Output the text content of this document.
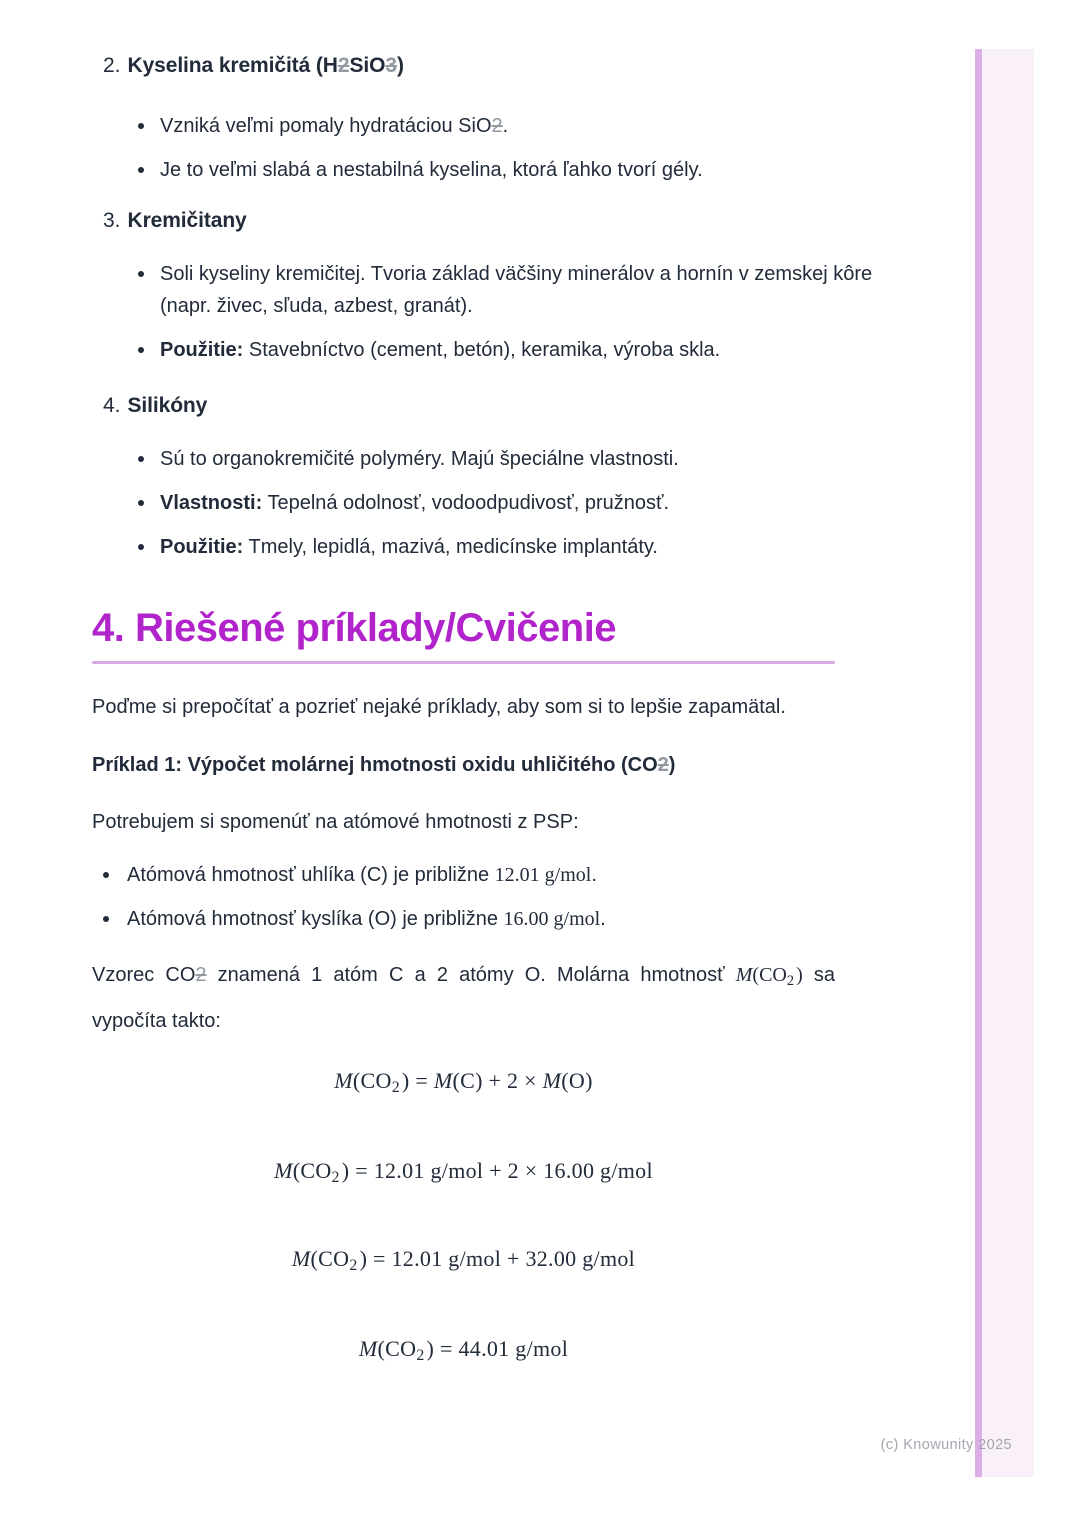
2. Kyselina kremičitá (H2SiO3)
Vzniká veľmi pomaly hydratáciou SiO2.
Je to veľmi slabá a nestabilná kyselina, ktorá ľahko tvorí gély.
3. Kremičitany
Soli kyseliny kremičitej. Tvoria základ väčšiny minerálov a hornín v zemskej kôre (napr. živec, sľuda, azbest, granát).
Použitie: Stavebníctvo (cement, betón), keramika, výroba skla.
4. Silikóny
Sú to organokremičité polyméry. Majú špeciálne vlastnosti.
Vlastnosti: Tepelná odolnosť, vodoodpudivosť, pružnosť.
Použitie: Tmely, lepidlá, mazivá, medicínske implantáty.
4. Riešené príklady/Cvičenie
Poďme si prepočítať a pozrieť nejaké príklady, aby som si to lepšie zapamätal.
Príklad 1: Výpočet molárnej hmotnosti oxidu uhličitého (CO2)
Potrebujem si spomenúť na atómové hmotnosti z PSP:
Atómová hmotnosť uhlíka (C) je približne 12.01 g/mol.
Atómová hmotnosť kyslíka (O) je približne 16.00 g/mol.
Vzorec CO2 znamená 1 atóm C a 2 atómy O. Molárna hmotnosť $M(CO_2$ ) sa
vypočíta takto:
$M(CO_2) = M(C) + 2 \times M(O)$
$M(CO_2) = 12.01$ g/mol + 2 × 16.00 g/mol
$M(CO_2) = 12.01$ g/mol + 32.00 g/mol
$M(CO_2) = 44.01$ g/mol
(c) Knowunity 2025
